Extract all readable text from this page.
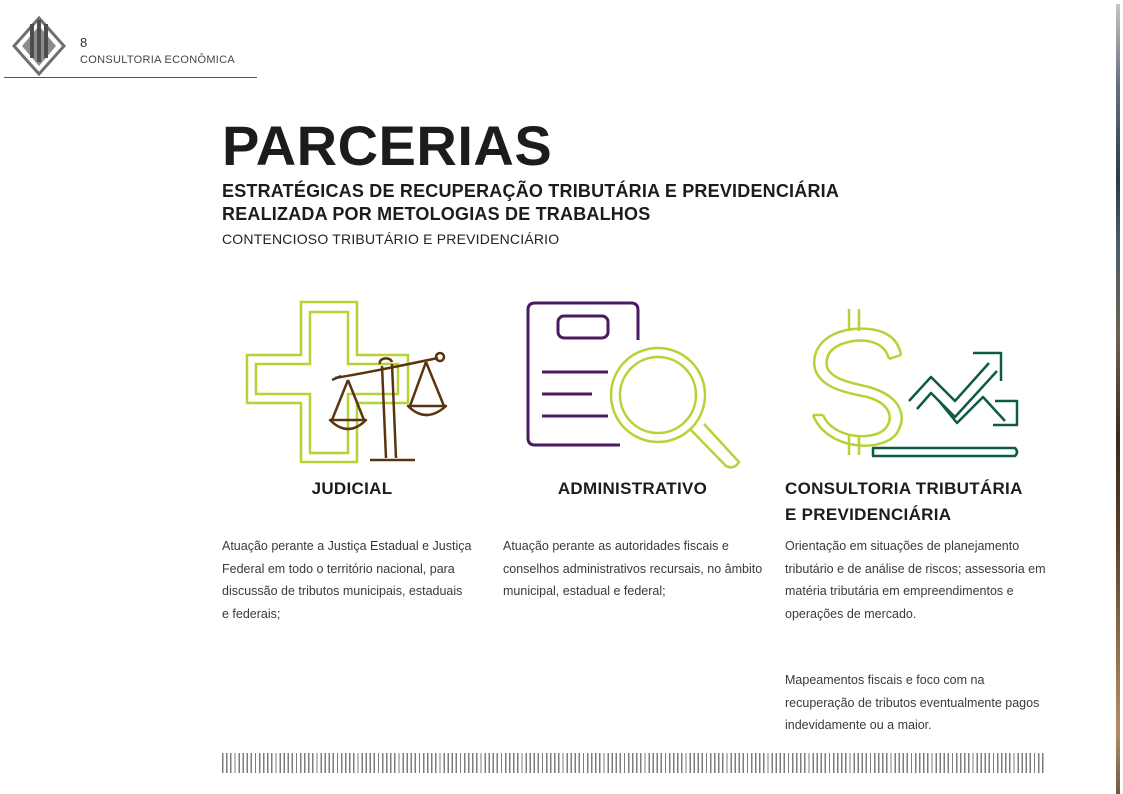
8
CONSULTORIA ECONÔMICA
PARCERIAS
ESTRATÉGICAS DE RECUPERAÇÃO TRIBUTÁRIA E PREVIDENCIÁRIA
REALIZADA POR METOLOGIAS DE TRABALHOS
CONTENCIOSO TRIBUTÁRIO E PREVIDENCIÁRIO
JUDICIAL	ADMINISTRATIVO	CONSULTORIA TRIBUTÁRIA
E PREVIDENCIÁRIA
Atuação perante a Justiça Estadual e Justiça Federal em todo o território nacional, para discussão de tributos municipais, estaduais e federais;
Atuação perante as autoridades fiscais e conselhos administrativos recursais, no âmbito municipal, estadual e federal;
Orientação em situações de planejamento tributário e de análise de riscos; assessoria em matéria tributária em empreendimentos e operações de mercado.
Mapeamentos fiscais e foco com na recuperação de tributos eventualmente pagos indevidamente ou a maior.
